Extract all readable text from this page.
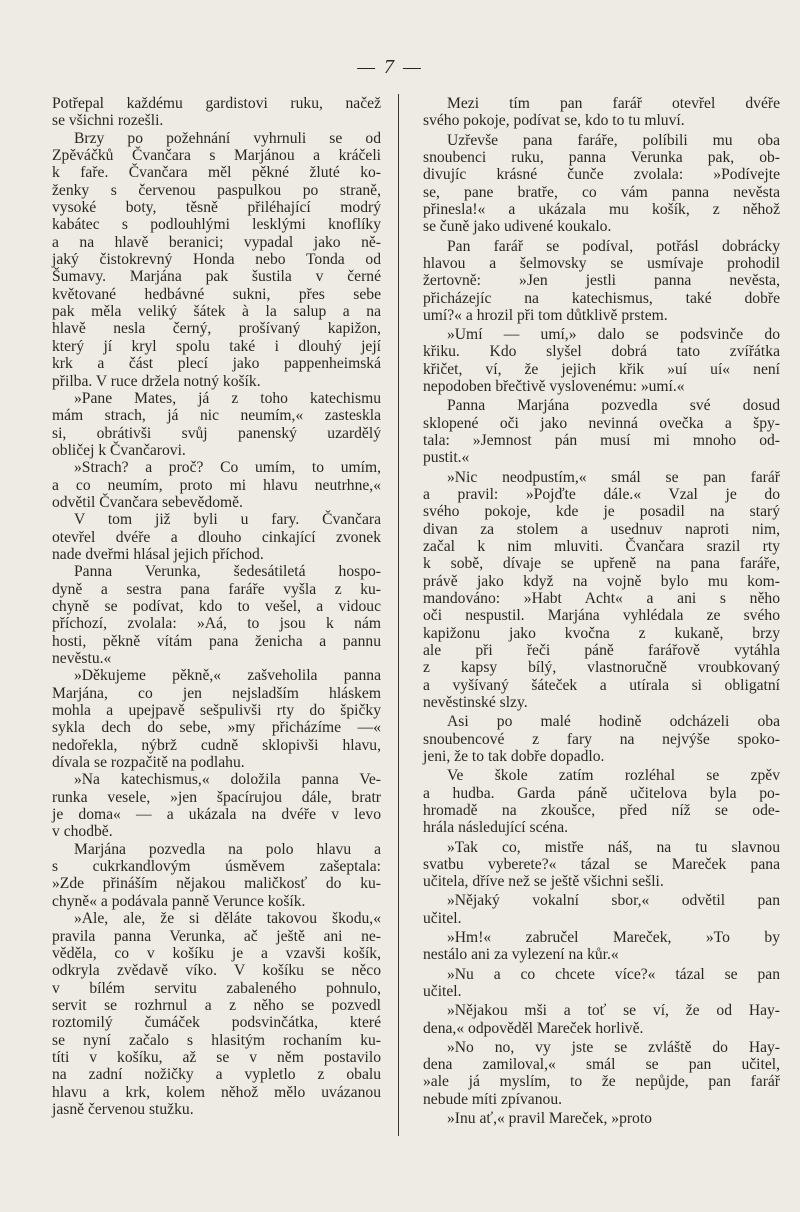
— 7 —
Potřepal každému gardistovi ruku, načež
se všichni rozešli.
Brzy po požehnání vyhrnuli se od
Zpěváčků Čvančara s Marjánou a kráčeli
k faře. Čvančara měl pěkné žluté ko-
ženky s červenou paspulkou po straně,
vysoké boty, těsně přiléhající modrý
kabátec s podlouhlými lesklými knoflíky
a na hlavě beranici; vypadal jako ně-
jaký čistokrevný Honda nebo Tonda od
Šumavy. Marjána pak šustila v černé
květované hedbávné sukni, přes sebe
pak měla veliký šátek à la salup a na
hlavě nesla černý, prošívaný kapižon,
který jí kryl spolu také i dlouhý její
krk a část plecí jako pappenheimská
přilba. V ruce držela notný košík.
»Pane Mates, já z toho katechismu
mám strach, já nic neumím,« zasteskla
si, obrátivši svůj panenský uzardělý
obličej k Čvančarovi.
»Strach? a proč? Co umím, to umím,
a co neumím, proto mi hlavu neutrhne,«
odvětil Čvančara sebevědomě.
V tom již byli u fary. Čvančara
otevřel dvéře a dlouho cinkající zvonek
nade dveřmi hlásal jejich příchod.
Panna Verunka, šedesátiletá hospo-
dyně a sestra pana faráře vyšla z ku-
chyně se podívat, kdo to vešel, a vidouc
příchozí, zvolala: »Aá, to jsou k nám
hosti, pěkně vítám pana ženicha a pannu
nevěstu.«
»Děkujeme pěkně,« zašveholila panna
Marjána, co jen nejsladším hláskem
mohla a upejpavě sešpulivši rty do špičky
sykla dech do sebe, »my přicházíme —«
nedořekla, nýbrž cudně sklopivši hlavu,
dívala se rozpačitě na podlahu.
»Na katechismus,« doložila panna Ve-
runka vesele, »jen špacírujou dále, bratr
je doma« — a ukázala na dvéře v levo
v chodbě.
Marjána pozvedla na polo hlavu a
s cukrkandlovým úsměvem zašeptala:
»Zde přináším nějakou maličkosť do ku-
chyně« a podávala panně Verunce košík.
»Ale, ale, že si děláte takovou škodu,«
pravila panna Verunka, ač ještě ani ne-
věděla, co v košíku je a vzavši košík,
odkryla zvědavě víko. V košíku se něco
v bílém servitu zabaleného pohnulo,
servit se rozhrnul a z něho se pozvedl
roztomilý čumáček podsvinčátka, které
se nyní začalo s hlasitým rochaním ku-
títi v košíku, až se v něm postavilo
na zadní nožičky a vypletlo z obalu
hlavu a krk, kolem něhož mělo uvázanou
jasně červenou stužku.
Mezi tím pan farář otevřel dvéře
svého pokoje, podívat se, kdo to tu mluví.
Uzřevše pana faráře, políbili mu oba
snoubenci ruku, panna Verunka pak, ob-
divujíc krásné čunče zvolala: »Podívejte
se, pane bratře, co vám panna nevěsta
přinesla!« a ukázala mu košík, z něhož
se čuně jako udivené koukalo.
Pan farář se podíval, potřásl dobrácky
hlavou a šelmovsky se usmívaje prohodil
žertovně: »Jen jestli panna nevěsta,
přicházejíc na katechismus, také dobře
umí?« a hrozil při tom důtklivě prstem.
»Umí — umí,» dalo se podsvinče do
křiku. Kdo slyšel dobrá tato zvířátka
křičet, ví, že jejich křik »uí uí« není
nepodoben břečtivě vyslovenému: »umí.«
Panna Marjána pozvedla své dosud
sklopené oči jako nevinná ovečka a špy-
tala: »Jemnost pán musí mi mnoho od-
pustit.«
»Nic neodpustím,« smál se pan farář
a pravil: »Pojďte dále.« Vzal je do
svého pokoje, kde je posadil na starý
divan za stolem a usednuv naproti nim,
začal k nim mluviti. Čvančara srazil rty
k sobě, dívaje se upřeně na pana faráře,
právě jako když na vojně bylo mu kom-
mandováno: »Habt Acht« a ani s něho
oči nespustil. Marjána vyhlédala ze svého
kapižonu jako kvočna z kukaně, brzy
ale při řeči páně farářově vytáhla
z kapsy bílý, vlastnoručně vroubkovaný
a vyšívaný šáteček a utírala si obligatní
nevěstinské slzy.
Asi po malé hodině odcházeli oba
snoubencové z fary na nejvýše spoko-
jeni, že to tak dobře dopadlo.
Ve škole zatím rozléhal se zpěv
a hudba. Garda páně učitelova byla po-
hromadě na zkoušce, před níž se ode-
hrála následující scéna.
»Tak co, mistře náš, na tu slavnou
svatbu vyberete?« tázal se Mareček pana
učitela, dříve než se ještě všichni sešli.
»Nějaký vokalní sbor,« odvětil pan
učitel.
»Hm!« zabručel Mareček, »To by
nestálo ani za vylezení na kůr.«
»Nu a co chcete více?« tázal se pan
učitel.
»Nějakou mši a toť se ví, že od Hay-
dena,« odpověděl Mareček horlivě.
»No no, vy jste se zvláště do Hay-
dena zamiloval,« smál se pan učitel,
»ale já myslím, to že nepůjde, pan farář
nebude míti zpívanou.
»Inu ať,« pravil Mareček, »proto
